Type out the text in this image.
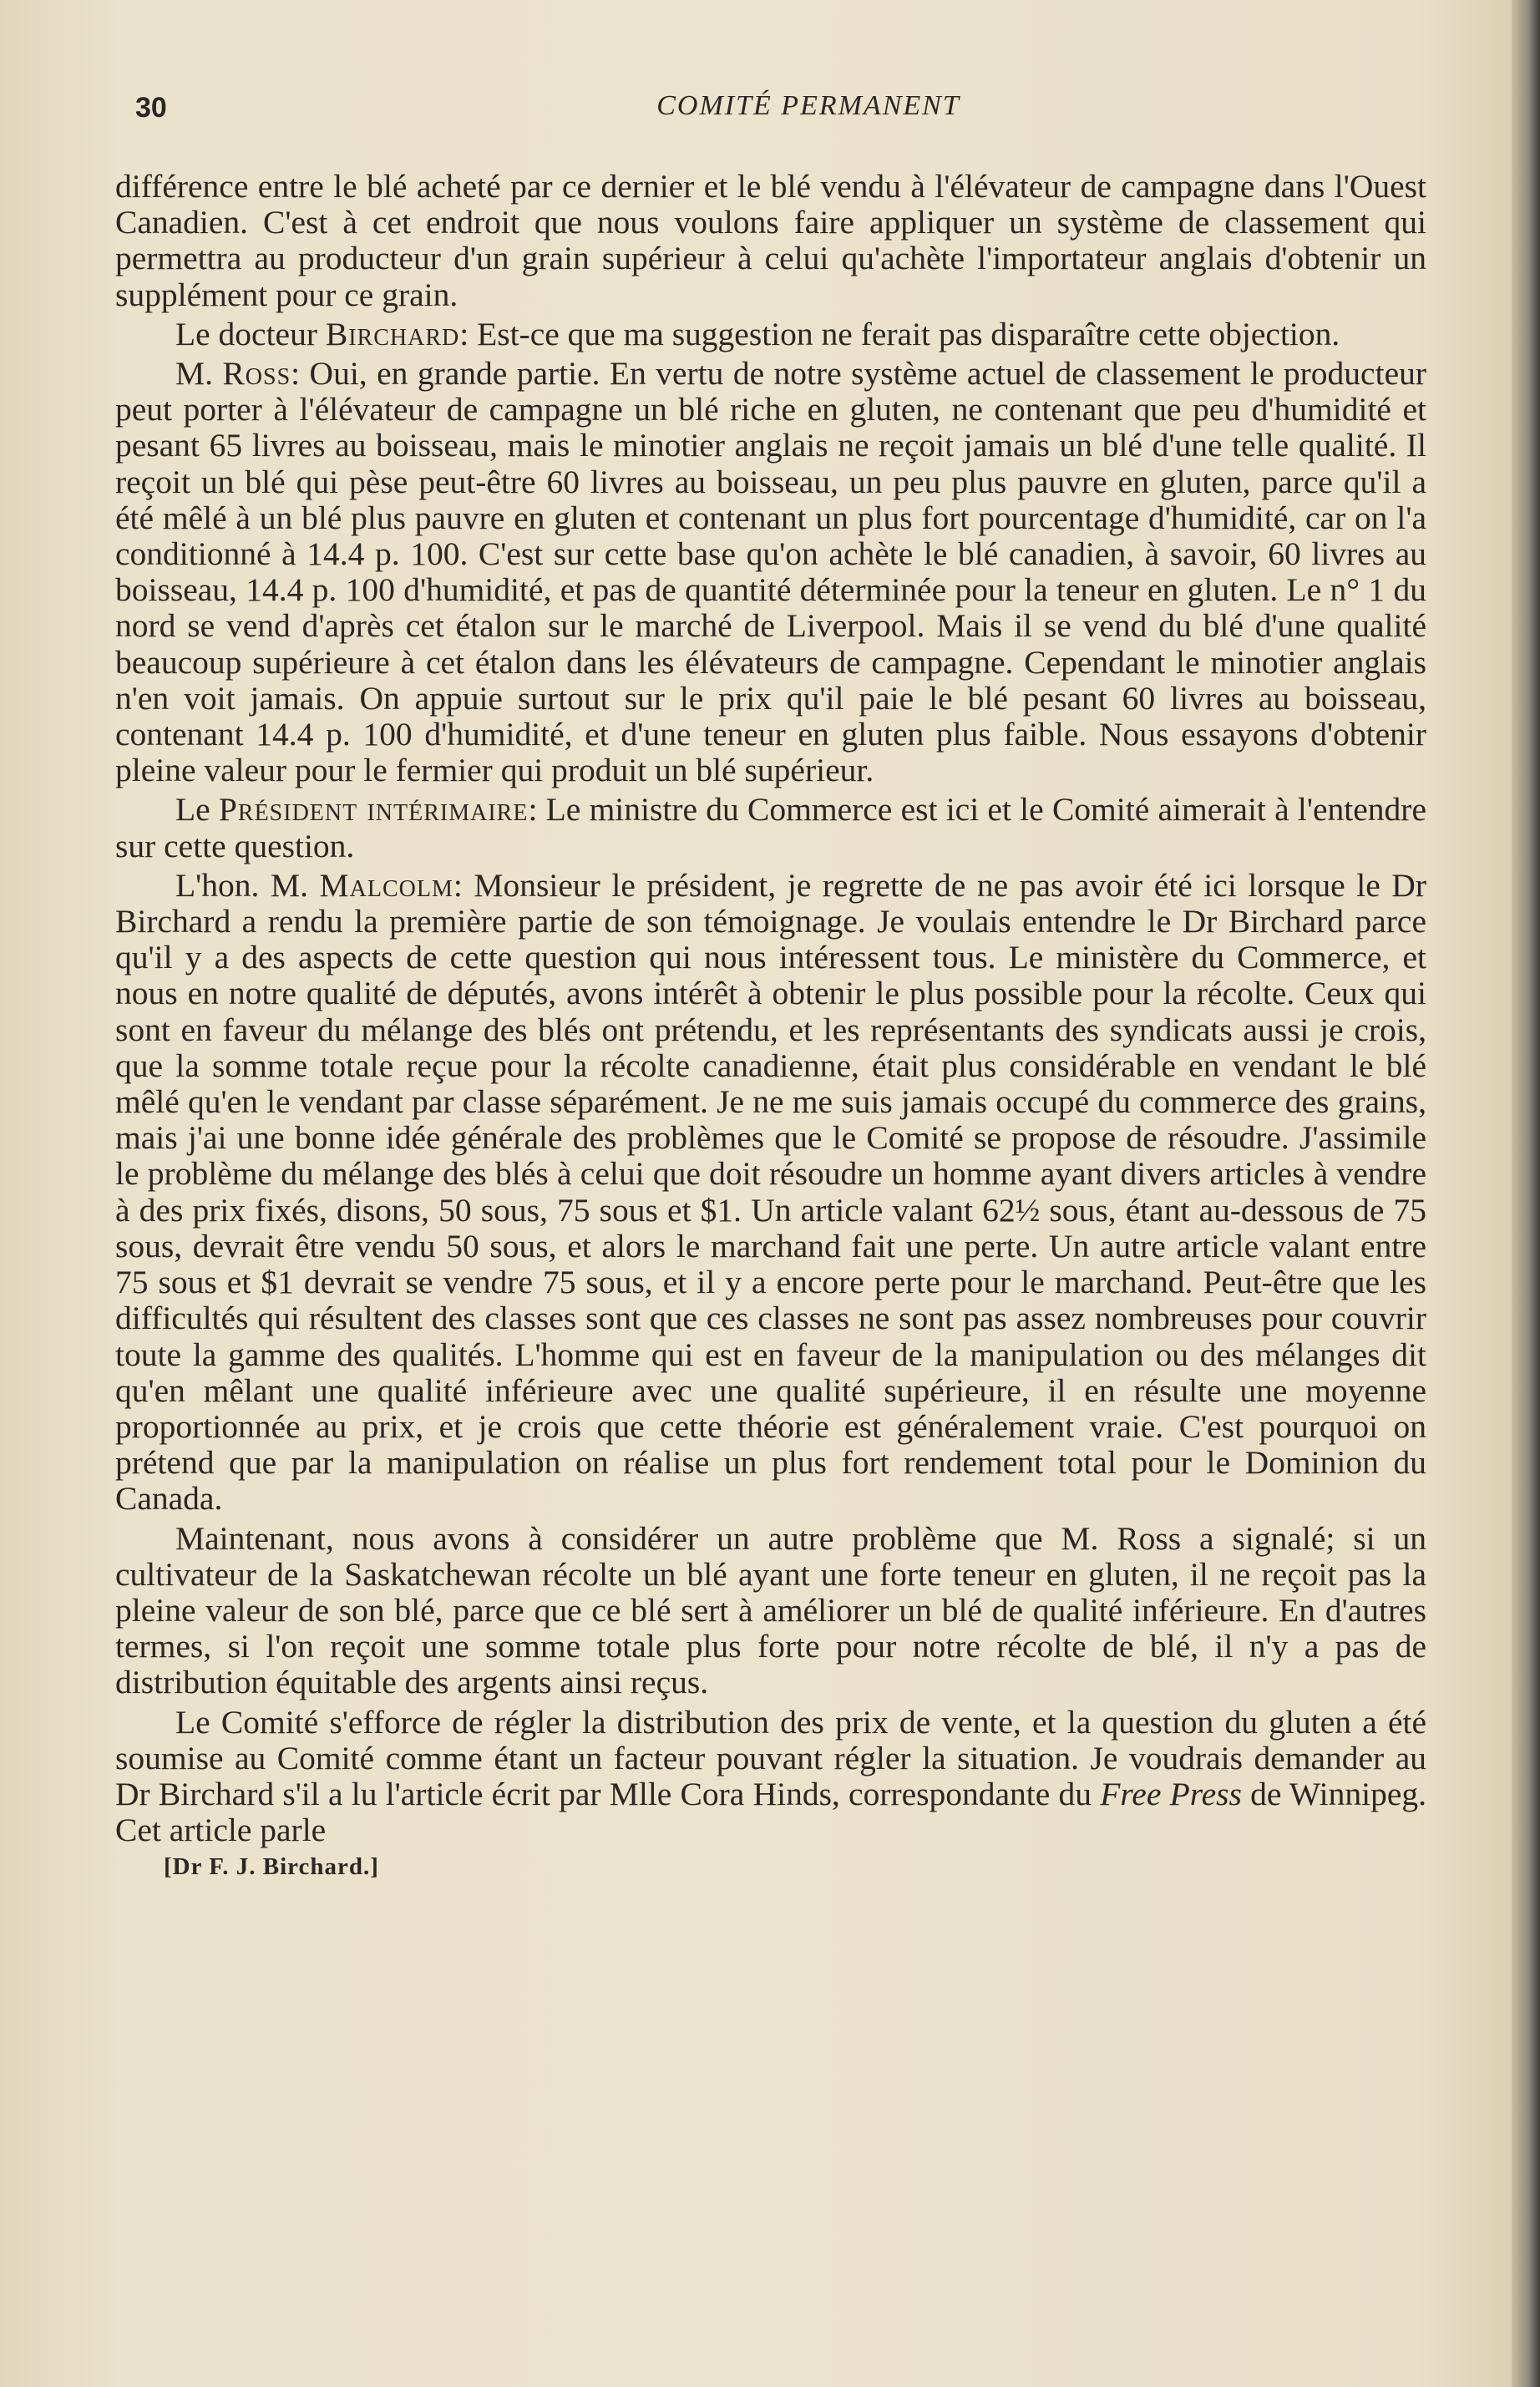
30	COMITÉ PERMANENT

différence entre le blé acheté par ce dernier et le blé vendu à l'élévateur de campagne dans l'Ouest Canadien. C'est à cet endroit que nous voulons faire appliquer un système de classement qui permettra au producteur d'un grain supérieur à celui qu'achète l'importateur anglais d'obtenir un supplément pour ce grain.

Le docteur Birchard: Est-ce que ma suggestion ne ferait pas disparaître cette objection.

M. Ross: Oui, en grande partie. En vertu de notre système actuel de classement le producteur peut porter à l'élévateur de campagne un blé riche en gluten, ne contenant que peu d'humidité et pesant 65 livres au boisseau, mais le minotier anglais ne reçoit jamais un blé d'une telle qualité. Il reçoit un blé qui pèse peut-être 60 livres au boisseau, un peu plus pauvre en gluten, parce qu'il a été mêlé à un blé plus pauvre en gluten et contenant un plus fort pourcentage d'humidité, car on l'a conditionné à 14.4 p. 100. C'est sur cette base qu'on achète le blé canadien, à savoir, 60 livres au boisseau, 14.4 p. 100 d'humidité, et pas de quantité déterminée pour la teneur en gluten. Le n° 1 du nord se vend d'après cet étalon sur le marché de Liverpool. Mais il se vend du blé d'une qualité beaucoup supérieure à cet étalon dans les élévateurs de campagne. Cependant le minotier anglais n'en voit jamais. On appuie surtout sur le prix qu'il paie le blé pesant 60 livres au boisseau, contenant 14.4 p. 100 d'humidité, et d'une teneur en gluten plus faible. Nous essayons d'obtenir pleine valeur pour le fermier qui produit un blé supérieur.

Le Président intérimaire: Le ministre du Commerce est ici et le Comité aimerait à l'entendre sur cette question.

L'hon. M. Malcolm: Monsieur le président, je regrette de ne pas avoir été ici lorsque le Dr Birchard a rendu la première partie de son témoignage. Je voulais entendre le Dr Birchard parce qu'il y a des aspects de cette question qui nous intéressent tous. Le ministère du Commerce, et nous en notre qualité de députés, avons intérêt à obtenir le plus possible pour la récolte. Ceux qui sont en faveur du mélange des blés ont prétendu, et les représentants des syndicats aussi je crois, que la somme totale reçue pour la récolte canadienne, était plus considérable en vendant le blé mêlé qu'en le vendant par classe séparément. Je ne me suis jamais occupé du commerce des grains, mais j'ai une bonne idée générale des problèmes que le Comité se propose de résoudre. J'assimile le problème du mélange des blés à celui que doit résoudre un homme ayant divers articles à vendre à des prix fixés, disons, 50 sous, 75 sous et $1. Un article valant 62½ sous, étant au-dessous de 75 sous, devrait être vendu 50 sous, et alors le marchand fait une perte. Un autre article valant entre 75 sous et $1 devrait se vendre 75 sous, et il y a encore perte pour le marchand. Peut-être que les difficultés qui résultent des classes sont que ces classes ne sont pas assez nombreuses pour couvrir toute la gamme des qualités. L'homme qui est en faveur de la manipulation ou des mélanges dit qu'en mêlant une qualité inférieure avec une qualité supérieure, il en résulte une moyenne proportionnée au prix, et je crois que cette théorie est généralement vraie. C'est pourquoi on prétend que par la manipulation on réalise un plus fort rendement total pour le Dominion du Canada.

Maintenant, nous avons à considérer un autre problème que M. Ross a signalé; si un cultivateur de la Saskatchewan récolte un blé ayant une forte teneur en gluten, il ne reçoit pas la pleine valeur de son blé, parce que ce blé sert à améliorer un blé de qualité inférieure. En d'autres termes, si l'on reçoit une somme totale plus forte pour notre récolte de blé, il n'y a pas de distribution équitable des argents ainsi reçus.

Le Comité s'efforce de régler la distribution des prix de vente, et la question du gluten a été soumise au Comité comme étant un facteur pouvant régler la situation. Je voudrais demander au Dr Birchard s'il a lu l'article écrit par Mlle Cora Hinds, correspondante du Free Press de Winnipeg. Cet article parle

[Dr F. J. Birchard.]
